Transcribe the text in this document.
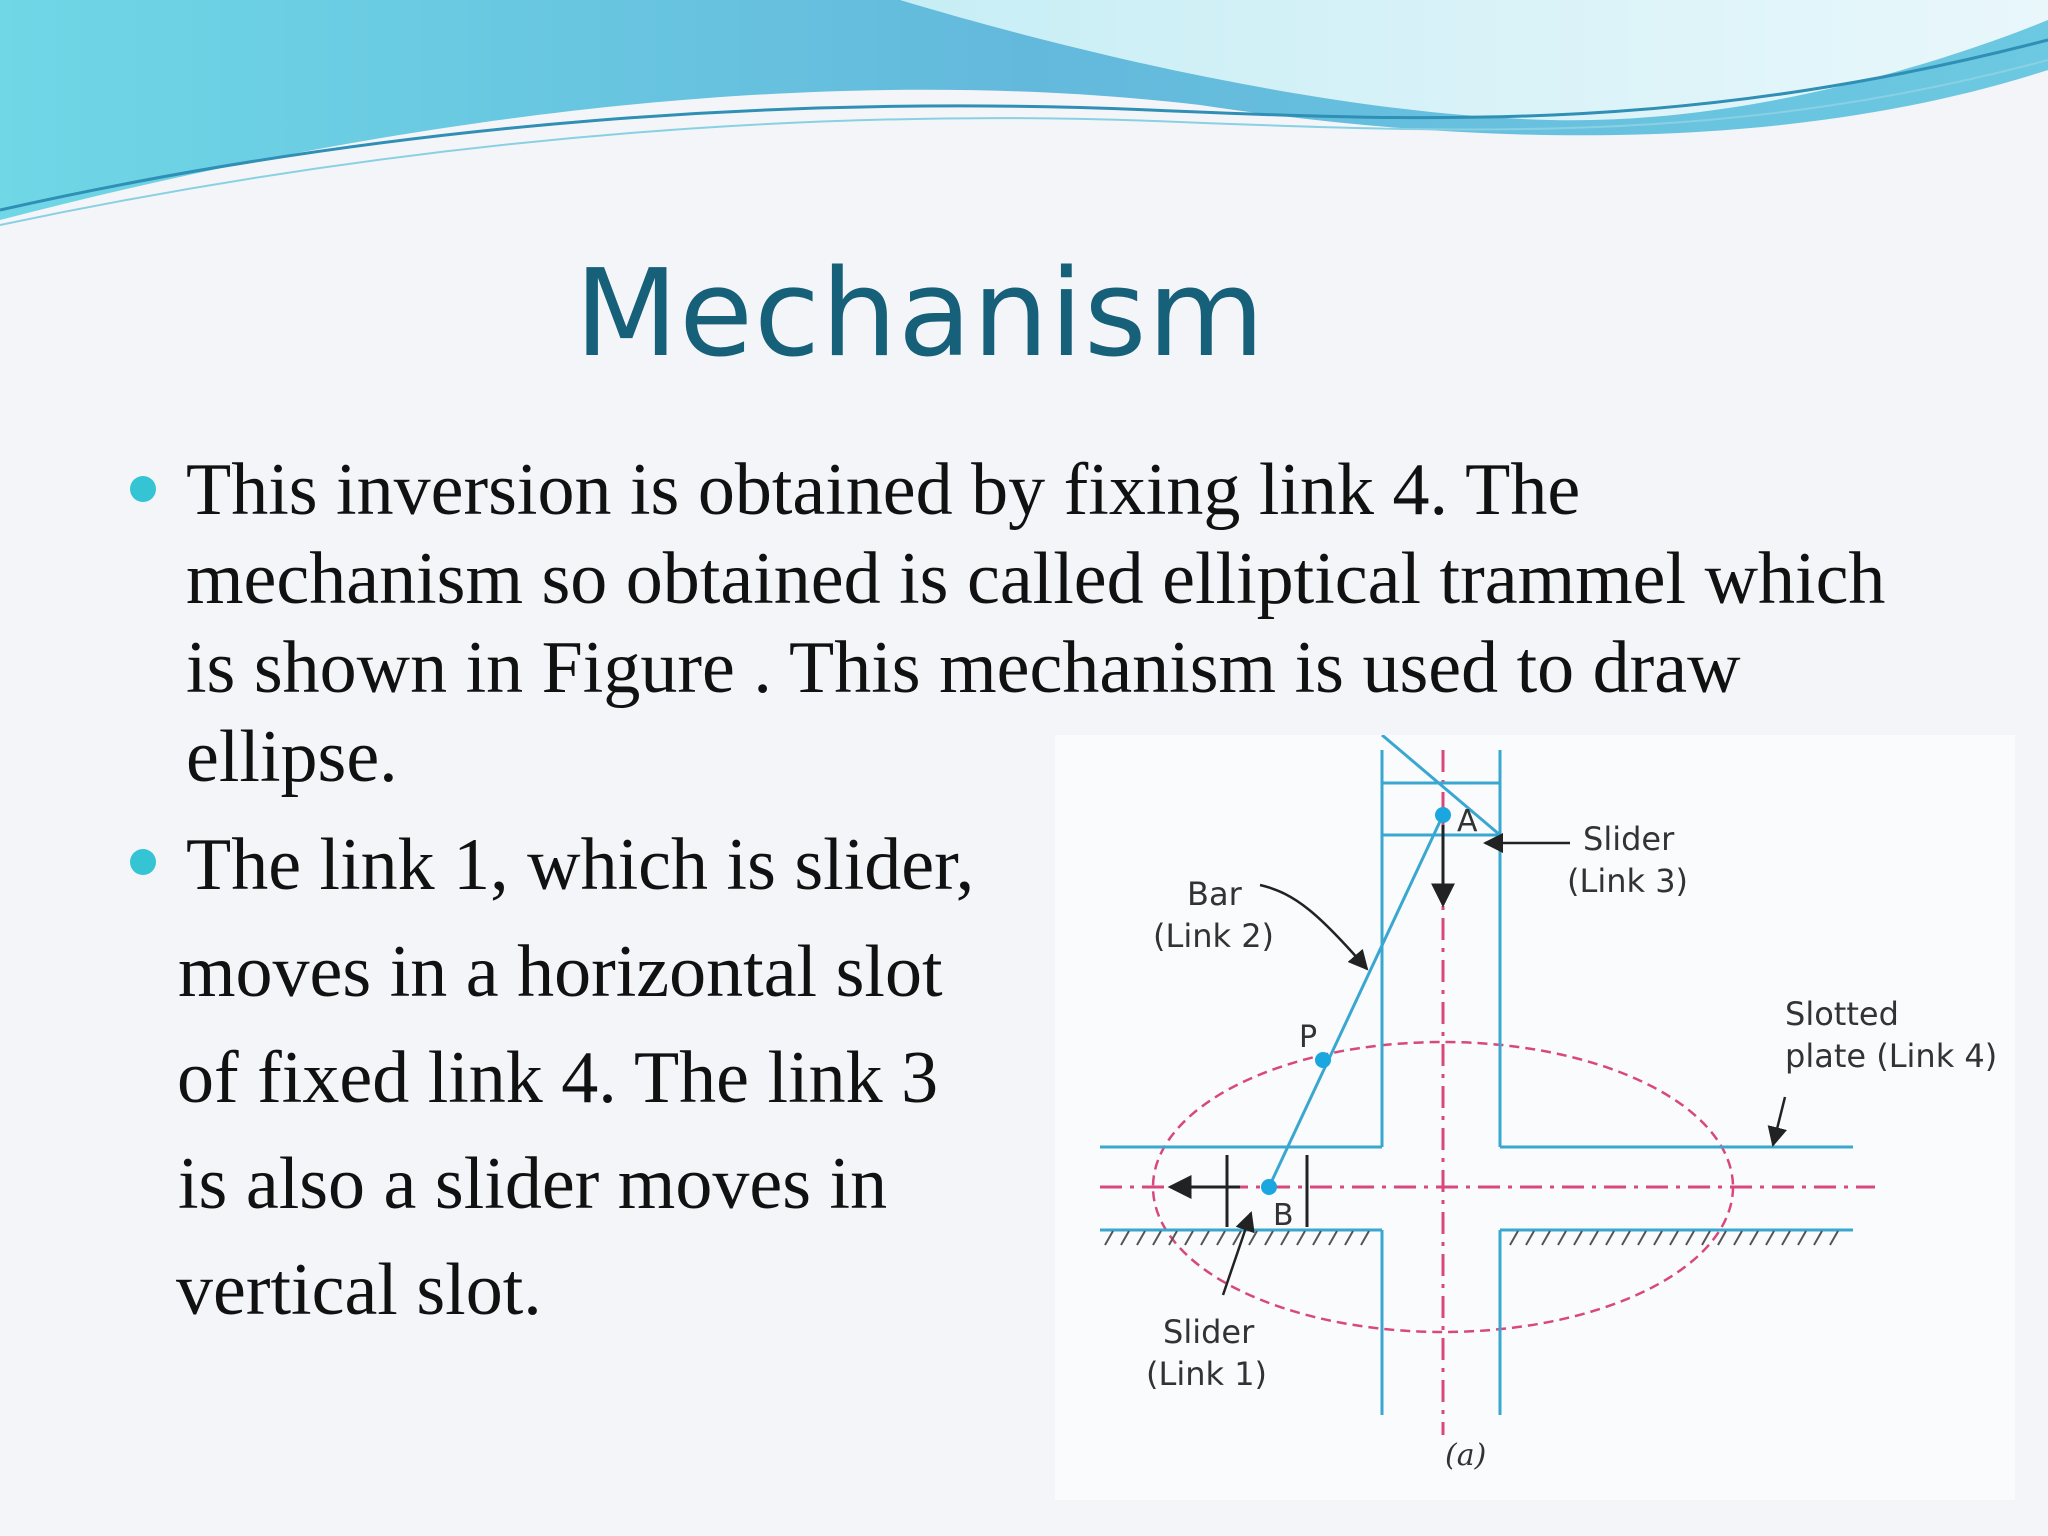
Mechanism
This inversion is obtained by fixing link 4. The mechanism so obtained is called elliptical trammel which is shown in Figure . This mechanism is used to draw ellipse.
The link 1, which is slider,
moves in a horizontal slot
of fixed link 4. The link 3
is also a slider moves in
vertical slot.
A
P
B
Slider
(Link 3)
Bar
(Link 2)
Slotted
plate (Link 4)
Slider
(Link 1)
(a)
